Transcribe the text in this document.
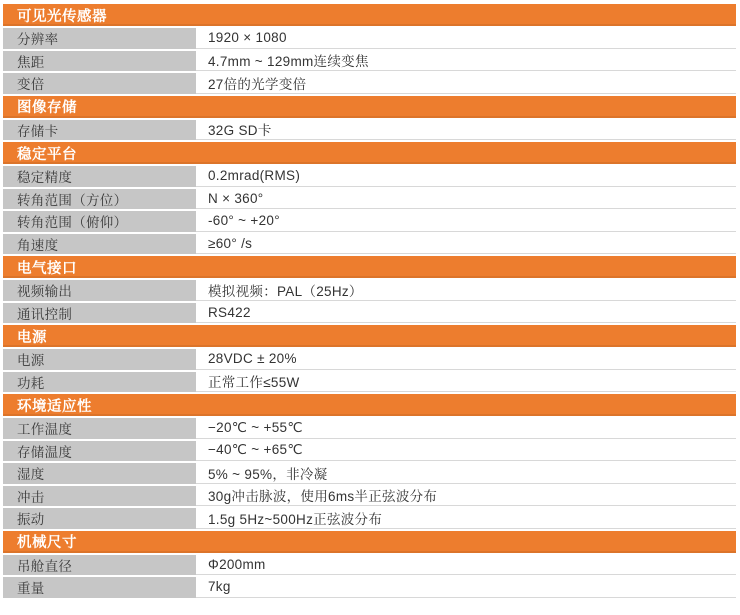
可见光传感器
分辨率	1920 × 1080
焦距	4.7mm ~ 129mm连续变焦
变倍	27倍的光学变倍
图像存储
存储卡	32G SD卡
稳定平台
稳定精度	0.2mrad(RMS)
转角范围（方位）	N × 360°
转角范围（俯仰）	-60° ~ +20°
角速度	≥60° /s
电气接口
视频输出	模拟视频：PAL（25Hz）
通讯控制	RS422
电源
电源	28VDC ± 20%
功耗	正常工作≤55W
环境适应性
工作温度	−20℃ ~ +55℃
存储温度	−40℃ ~ +65℃
湿度	5% ~ 95%，非冷凝
冲击	30g冲击脉波，使用6ms半正弦波分布
振动	1.5g 5Hz~500Hz正弦波分布
机械尺寸
吊舱直径	Φ200mm
重量	7kg
